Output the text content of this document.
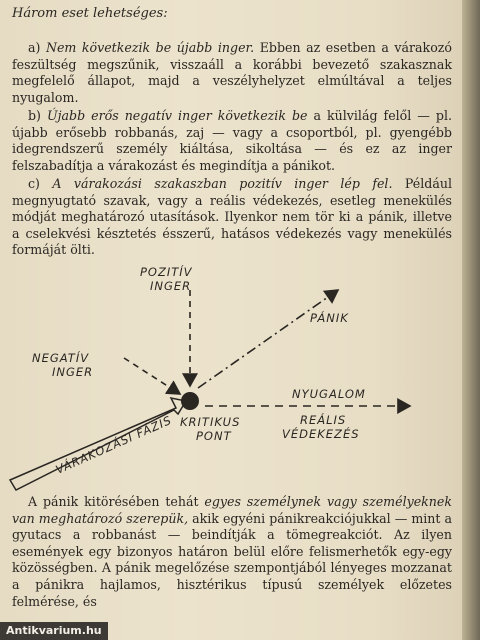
Három eset lehetséges:

a) Nem következik be újabb inger. Ebben az esetben a várakozó feszültség megszűnik, visszaáll a korábbi bevezető szakasznak megfelelő állapot, majd a veszélyhelyzet elmúltával a teljes nyugalom.

b) Újabb erős negatív inger következik be a külvilág felől — pl. újabb erősebb robbanás, zaj — vagy a csoportból, pl. gyengébb idegrendszerű személy kiáltása, sikoltása — és ez az inger felszabadítja a várakozást és megindítja a pánikot.

c) A várakozási szakaszban pozitív inger lép fel. Például megnyugtató szavak, vagy a reális védekezés, esetleg menekülés módját meghatározó utasítások. Ilyenkor nem tör ki a pánik, illetve a cselekvési késztetés ésszerű, hatásos védekezés vagy menekülés formáját ölti.

POZITÍV
INGER
PÁNIK
NEGATÍV
INGER
KRITIKUS
PONT
NYUGALOM
REÁLIS
VÉDEKEZÉS
VÁRAKOZÁSI FÁZIS

A pánik kitörésében tehát egyes személynek vagy személyeknek van meghatározó szerepük, akik egyéni pánikreakciójukkal — mint a gyutacs a robbanást — beindítják a tömegreakciót. Az ilyen események egy bizonyos határon belül előre felismerhetők egy-egy közösségben. A pánik megelőzése szempontjából lényeges mozzanat a pánikra hajlamos, hisztérikus típusú személyek előzetes felmérése, és

Antikvarium.hu
